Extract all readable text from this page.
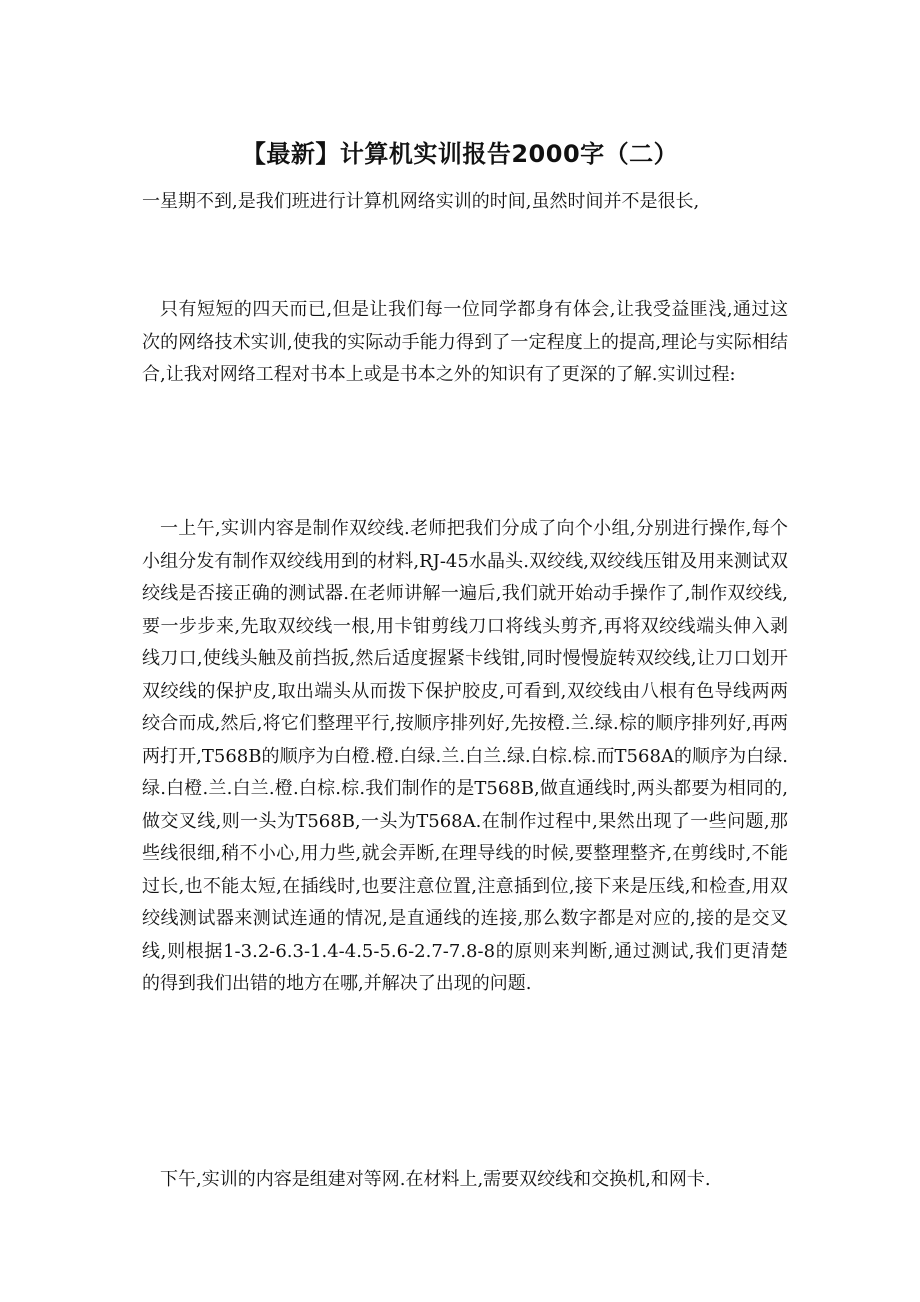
【最新】计算机实训报告2000字（二）

一星期不到,是我们班进行计算机网络实训的时间,虽然时间并不是很长,

只有短短的四天而已,但是让我们每一位同学都身有体会,让我受益匪浅,通过这次的网络技术实训,使我的实际动手能力得到了一定程度上的提高,理论与实际相结合,让我对网络工程对书本上或是书本之外的知识有了更深的了解.实训过程:

一上午,实训内容是制作双绞线.老师把我们分成了向个小组,分别进行操作,每个小组分发有制作双绞线用到的材料,RJ-45水晶头.双绞线,双绞线压钳及用来测试双绞线是否接正确的测试器.在老师讲解一遍后,我们就开始动手操作了,制作双绞线,要一步步来,先取双绞线一根,用卡钳剪线刀口将线头剪齐,再将双绞线端头伸入剥线刀口,使线头触及前挡扳,然后适度握紧卡线钳,同时慢慢旋转双绞线,让刀口划开双绞线的保护皮,取出端头从而拨下保护胶皮,可看到,双绞线由八根有色导线两两绞合而成,然后,将它们整理平行,按顺序排列好,先按橙.兰.绿.棕的顺序排列好,再两两打开,T568B的顺序为白橙.橙.白绿.兰.白兰.绿.白棕.棕.而T568A的顺序为白绿.绿.白橙.兰.白兰.橙.白棕.棕.我们制作的是T568B,做直通线时,两头都要为相同的,做交叉线,则一头为T568B,一头为T568A.在制作过程中,果然出现了一些问题,那些线很细,稍不小心,用力些,就会弄断,在理导线的时候,要整理整齐,在剪线时,不能过长,也不能太短,在插线时,也要注意位置,注意插到位,接下来是压线,和检查,用双绞线测试器来测试连通的情况,是直通线的连接,那么数字都是对应的,接的是交叉线,则根据1-3.2-6.3-1.4-4.5-5.6-2.7-7.8-8的原则来判断,通过测试,我们更清楚的得到我们出错的地方在哪,并解决了出现的问题.

下午,实训的内容是组建对等网.在材料上,需要双绞线和交换机,和网卡.
